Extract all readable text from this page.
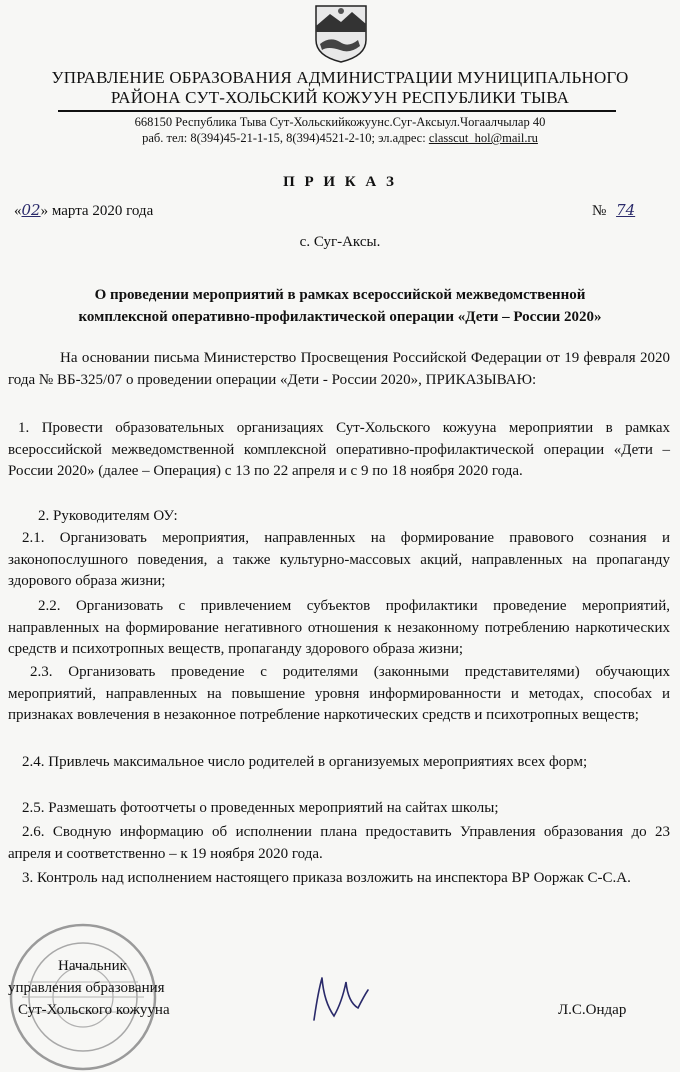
УПРАВЛЕНИЕ ОБРАЗОВАНИЯ АДМИНИСТРАЦИИ МУНИЦИПАЛЬНОГО
РАЙОНА СУТ-ХОЛЬСКИЙ КОЖУУН РЕСПУБЛИКИ ТЫВА
668150 Республика Тыва Сут-Хольскийкожуунс.Суг-Аксыул.Чогаалчылар 40
раб. тел: 8(394)45-21-1-15, 8(394)4521-2-10; эл.адрес: classcut_hol@mail.ru
П Р И К А З
«02» марта 2020 года	№ 74
с. Суг-Аксы.
О проведении мероприятий в рамках всероссийской межведомственной
комплексной оперативно-профилактической операции «Дети – России 2020»
На основании письма Министерство Просвещения Российской Федерации от 19 февраля 2020 года № ВБ-325/07 о проведении операции «Дети - России 2020», ПРИКАЗЫВАЮ:
1. Провести образовательных организациях Сут-Хольского кожууна мероприятии в рамках всероссийской межведомственной комплексной оперативно-профилактической операции «Дети – России 2020» (далее – Операция) с 13 по 22 апреля и с 9 по 18 ноября 2020 года.
2. Руководителям ОУ:
2.1. Организовать мероприятия, направленных на формирование правового сознания и законопослушного поведения, а также культурно-массовых акций, направленных на пропаганду здорового образа жизни;
2.2. Организовать с привлечением субъектов профилактики проведение мероприятий, направленных на формирование негативного отношения к незаконному потреблению наркотических средств и психотропных веществ, пропаганду здорового образа жизни;
2.3. Организовать проведение с родителями (законными представителями) обучающих мероприятий, направленных на повышение уровня информированности и методах, способах и признаках вовлечения в незаконное потребление наркотических средств и психотропных веществ;
2.4. Привлечь максимальное число родителей в организуемых мероприятиях всех форм;
2.5. Размешать фотоотчеты о проведенных мероприятий на сайтах школы;
2.6. Сводную информацию об исполнении плана предоставить Управления образования до 23 апреля и соответственно – к 19 ноября 2020 года.
3. Контроль над исполнением настоящего приказа возложить на инспектора ВР Ооржак С-С.А.
Начальник
управления образования
Сут-Хольского кожууна	Л.С.Ондар
